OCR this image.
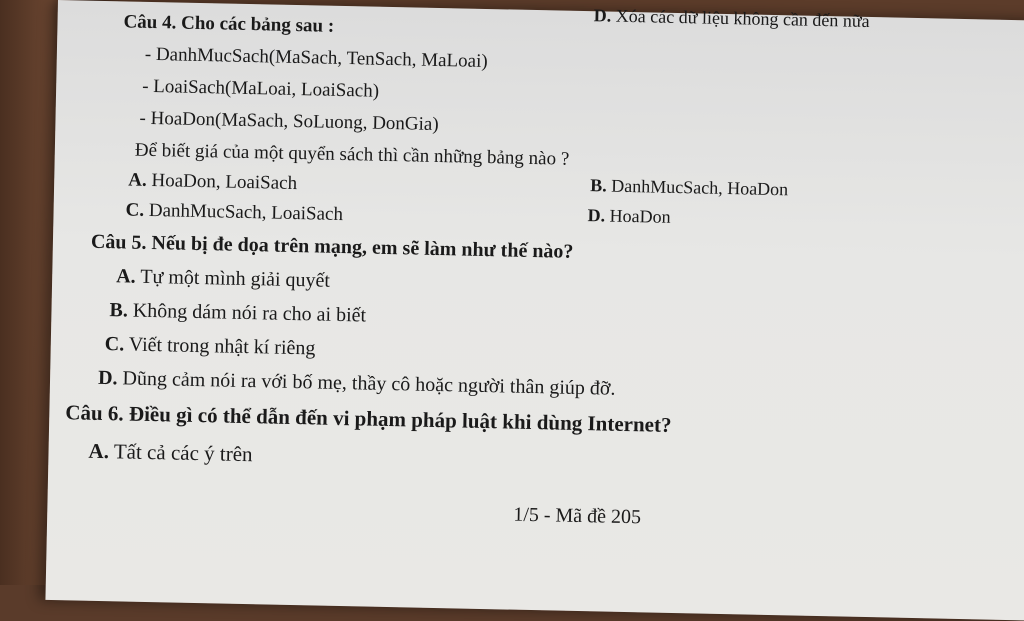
D. Xóa các dữ liệu không cần đến nữa
Câu 4. Cho các bảng sau :
- DanhMucSach(MaSach, TenSach, MaLoai)
- LoaiSach(MaLoai, LoaiSach)
- HoaDon(MaSach, SoLuong, DonGia)
Để biết giá của một quyển sách thì cần những bảng nào ?
A. HoaDon, LoaiSach	B. DanhMucSach, HoaDon
C. DanhMucSach, LoaiSach	D. HoaDon
Câu 5. Nếu bị đe dọa trên mạng, em sẽ làm như thế nào?
A. Tự một mình giải quyết
B. Không dám nói ra cho ai biết
C. Viết trong nhật kí riêng
D. Dũng cảm nói ra với bố mẹ, thầy cô hoặc người thân giúp đỡ.
Câu 6. Điều gì có thể dẫn đến vi phạm pháp luật khi dùng Internet?
A. Tất cả các ý trên
1/5 - Mã đề 205
